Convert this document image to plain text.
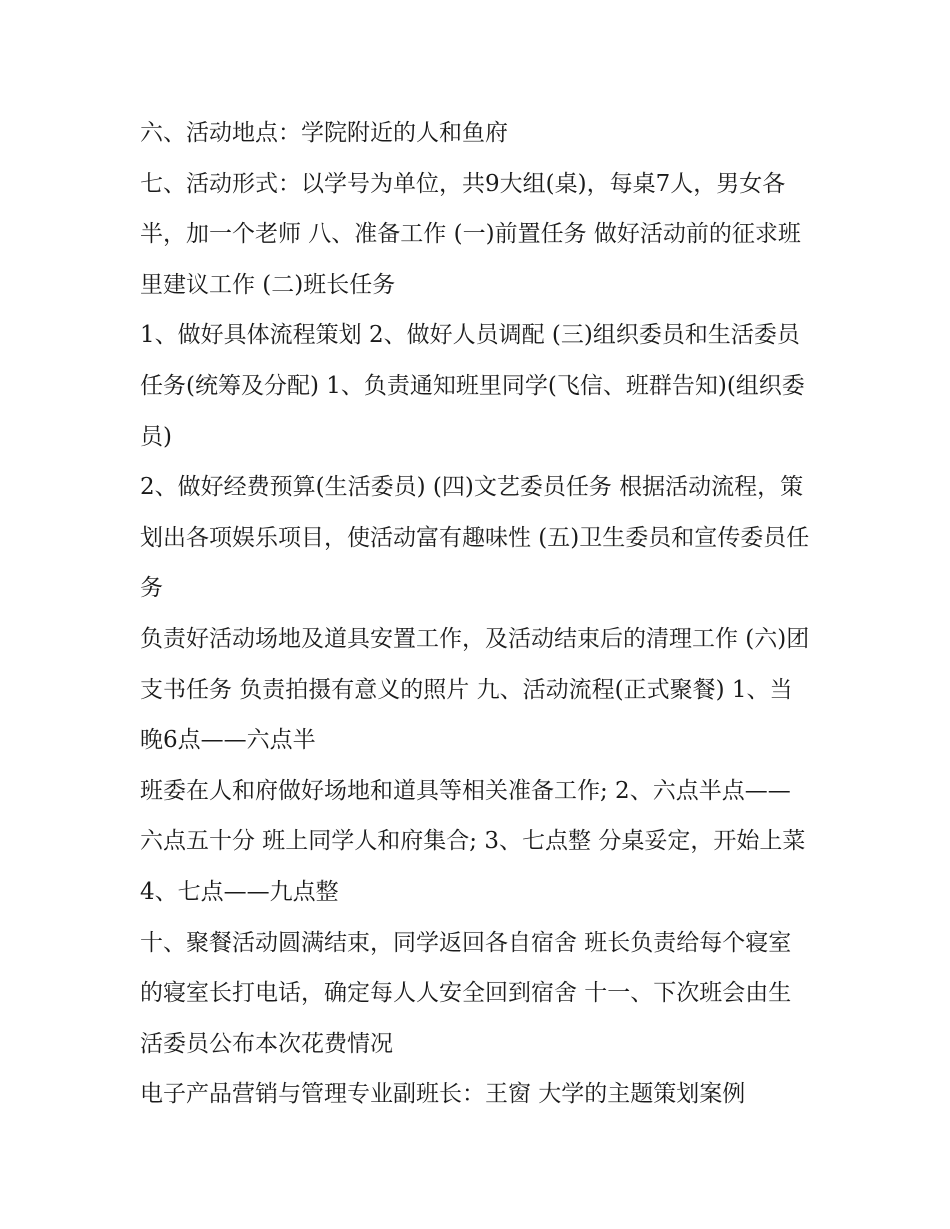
六、活动地点：学院附近的人和鱼府

七、活动形式：以学号为单位，共9大组(桌)，每桌7人，男女各半，加一个老师 八、准备工作 (一)前置任务 做好活动前的征求班里建议工作 (二)班长任务

1、做好具体流程策划 2、做好人员调配 (三)组织委员和生活委员任务(统筹及分配) 1、负责通知班里同学(飞信、班群告知)(组织委员)

2、做好经费预算(生活委员) (四)文艺委员任务 根据活动流程，策划出各项娱乐项目，使活动富有趣味性 (五)卫生委员和宣传委员任务

负责好活动场地及道具安置工作，及活动结束后的清理工作 (六)团支书任务 负责拍摄有意义的照片 九、活动流程(正式聚餐) 1、当晚6点——六点半

班委在人和府做好场地和道具等相关准备工作; 2、六点半点——六点五十分 班上同学人和府集合; 3、七点整 分桌妥定，开始上菜 4、七点——九点整

十、聚餐活动圆满结束，同学返回各自宿舍 班长负责给每个寝室的寝室长打电话，确定每人人安全回到宿舍 十一、下次班会由生活委员公布本次花费情况

电子产品营销与管理专业副班长：王窗 大学的主题策划案例
